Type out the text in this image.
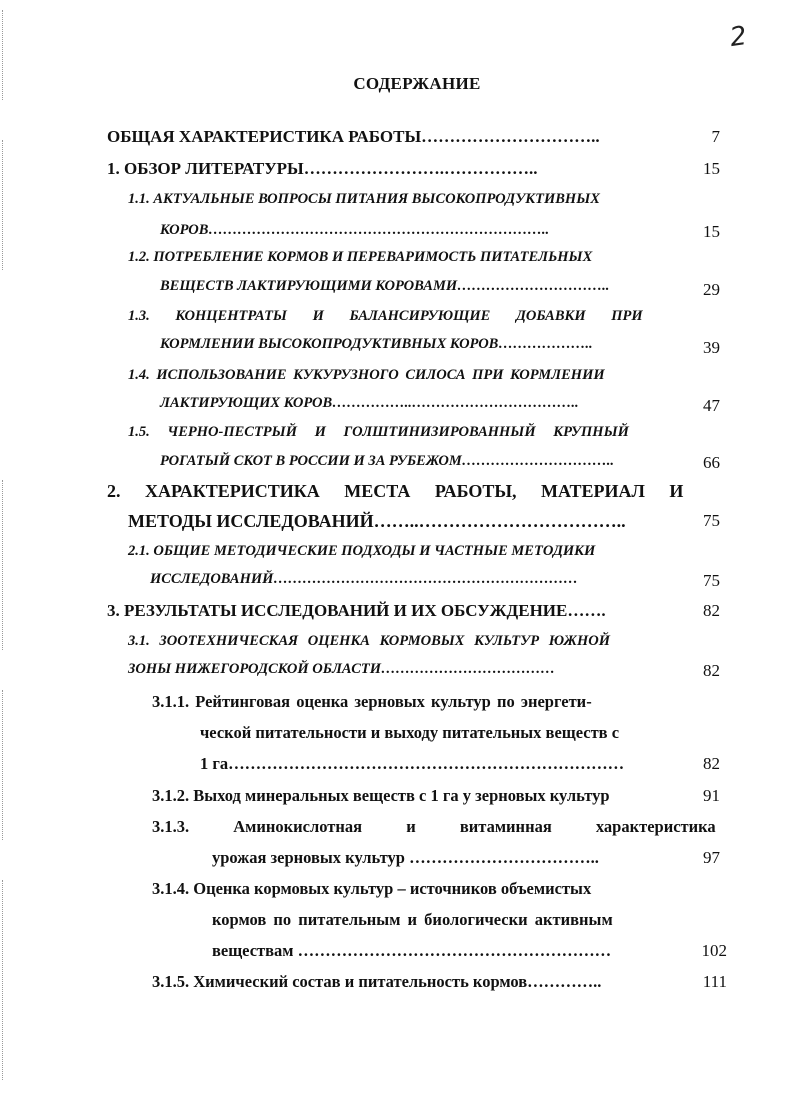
2
СОДЕРЖАНИЕ
ОБЩАЯ ХАРАКТЕРИСТИКА РАБОТЫ…………………………..	7
1. ОБЗОР ЛИТЕРАТУРЫ…………………….……………..	15
1.1. АКТУАЛЬНЫЕ ВОПРОСЫ ПИТАНИЯ ВЫСОКОПРОДУКТИВНЫХ
КОРОВ……………………………………………………………..	15
1.2. ПОТРЕБЛЕНИЕ КОРМОВ И ПЕРЕВАРИМОСТЬ ПИТАТЕЛЬНЫХ
ВЕЩЕСТВ ЛАКТИРУЮЩИМИ КОРОВАМИ…………………………..	29
1.3. КОНЦЕНТРАТЫ И БАЛАНСИРУЮЩИЕ ДОБАВКИ ПРИ
КОРМЛЕНИИ ВЫСОКОПРОДУКТИВНЫХ КОРОВ………………..	39
1.4. ИСПОЛЬЗОВАНИЕ КУКУРУЗНОГО СИЛОСА ПРИ КОРМЛЕНИИ
ЛАКТИРУЮЩИХ КОРОВ……………..……………………………..	47
1.5. ЧЕРНО-ПЕСТРЫЙ И ГОЛШТИНИЗИРОВАННЫЙ КРУПНЫЙ
РОГАТЫЙ СКОТ В РОССИИ И ЗА РУБЕЖОМ…………………………..	66
2. ХАРАКТЕРИСТИКА МЕСТА РАБОТЫ, МАТЕРИАЛ И
МЕТОДЫ ИССЛЕДОВАНИЙ……..……………………………..	75
2.1. ОБЩИЕ МЕТОДИЧЕСКИЕ ПОДХОДЫ И ЧАСТНЫЕ МЕТОДИКИ
ИССЛЕДОВАНИЙ………………………………………………………	75
3. РЕЗУЛЬТАТЫ ИССЛЕДОВАНИЙ И ИХ ОБСУЖДЕНИЕ…….	82
3.1. ЗООТЕХНИЧЕСКАЯ ОЦЕНКА КОРМОВЫХ КУЛЬТУР ЮЖНОЙ
ЗОНЫ НИЖЕГОРОДСКОЙ ОБЛАСТИ………………………………	82
3.1.1. Рейтинговая оценка зерновых культур по энергети-
ческой питательности и выходу питательных веществ с
1 га………………………………………………………………	82
3.1.2. Выход минеральных веществ с 1 га у зерновых культур	91
3.1.3. Аминокислотная и витаминная характеристика
урожая зерновых культур ……………………………..	97
3.1.4. Оценка кормовых культур – источников объемистых
кормов по питательным и биологически активным
веществам …………………………………………………	102
3.1.5. Химический состав и питательность кормов…………..	111
